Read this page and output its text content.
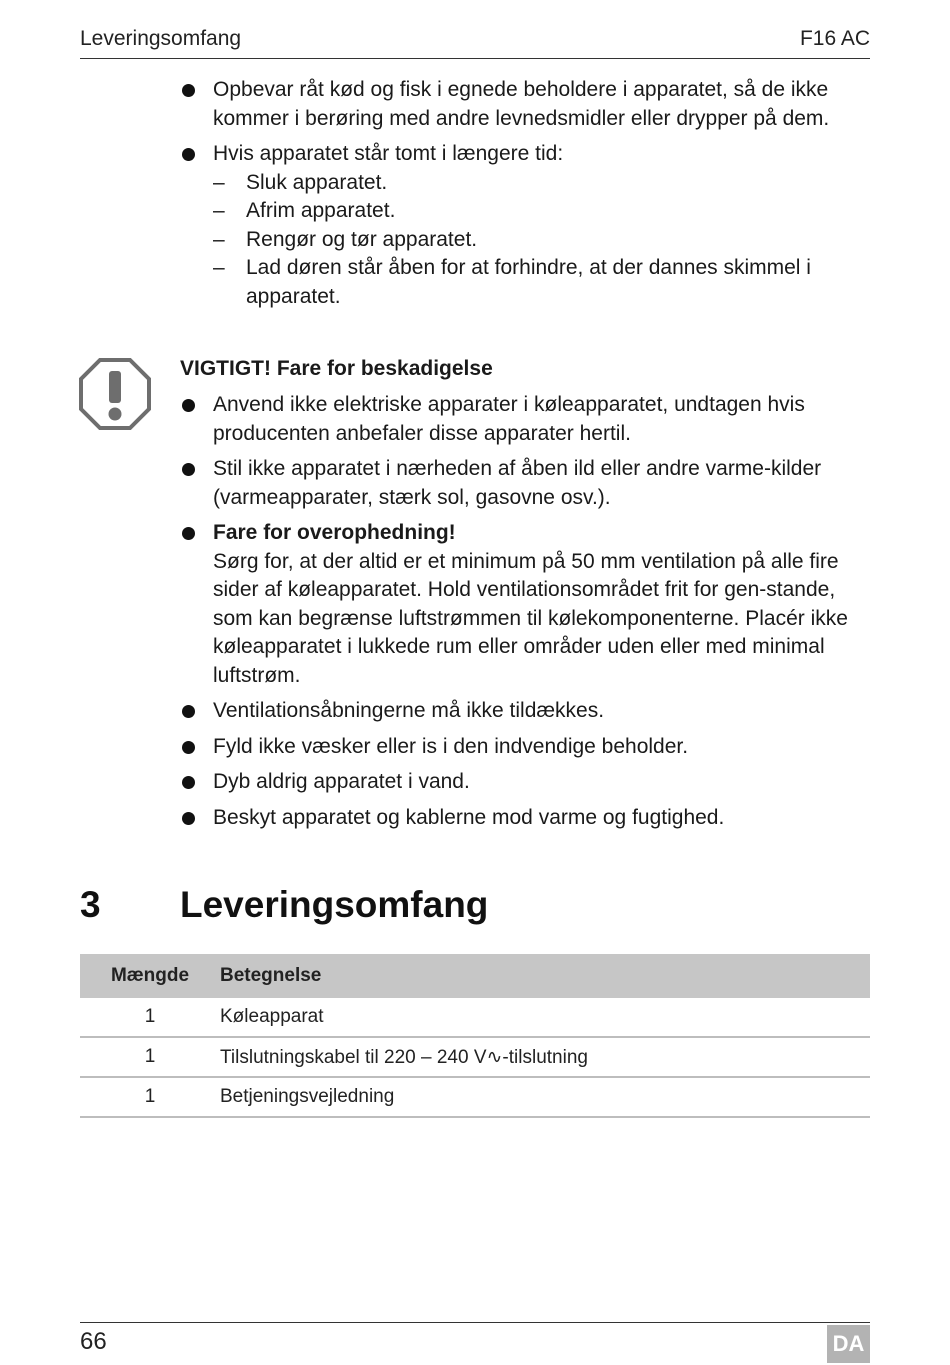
Leveringsomfang	F16 AC
Opbevar råt kød og fisk i egnede beholdere i apparatet, så de ikke kommer i berøring med andre levnedsmidler eller drypper på dem.
Hvis apparatet står tomt i længere tid:
– Sluk apparatet.
– Afrim apparatet.
– Rengør og tør apparatet.
– Lad døren står åben for at forhindre, at der dannes skimmel i apparatet.
VIGTIGT! Fare for beskadigelse
Anvend ikke elektriske apparater i køleapparatet, undtagen hvis producenten anbefaler disse apparater hertil.
Stil ikke apparatet i nærheden af åben ild eller andre varme-kilder (varmeapparater, stærk sol, gasovne osv.).
Fare for overophedning!
Sørg for, at der altid er et minimum på 50 mm ventilation på alle fire sider af køleapparatet. Hold ventilationsområdet frit for gen-stande, som kan begrænse luftstrømmen til kølekomponenterne. Placér ikke køleapparatet i lukkede rum eller områder uden eller med minimal luftstrøm.
Ventilationsåbningerne må ikke tildækkes.
Fyld ikke væsker eller is i den indvendige beholder.
Dyb aldrig apparatet i vand.
Beskyt apparatet og kablerne mod varme og fugtighed.
3 Leveringsomfang
Mængde	Betegnelse
1	Køleapparat
1	Tilslutningskabel til 220 – 240 V∿-tilslutning
1	Betjeningsvejledning
66	DA
